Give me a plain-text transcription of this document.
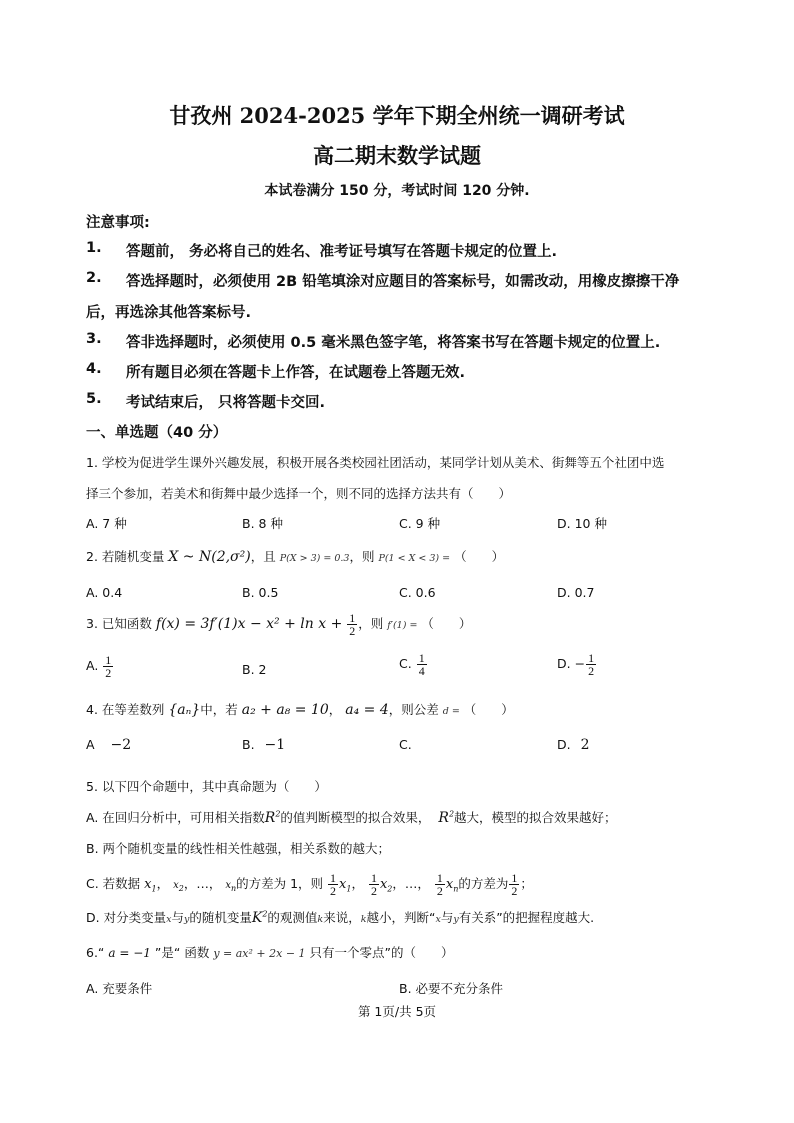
甘孜州 2024-2025 学年下期全州统一调研考试
高二期末数学试题
本试卷满分 150 分，考试时间 120 分钟.
注意事项:
1. 答题前， 务必将自己的姓名、准考证号填写在答题卡规定的位置上.
2. 答选择题时，必须使用 2B 铅笔填涂对应题目的答案标号，如需改动，用橡皮擦擦干净
后，再选涂其他答案标号.
3. 答非选择题时，必须使用 0.5 毫米黑色签字笔，将答案书写在答题卡规定的位置上.
4. 所有题目必须在答题卡上作答，在试题卷上答题无效.
5. 考试结束后， 只将答题卡交回.
一、单选题（40 分）
1. 学校为促进学生课外兴趣发展，积极开展各类校园社团活动，某同学计划从美术、街舞等五个社团中选
择三个参加，若美术和街舞中最少选择一个，则不同的选择方法共有（　　）
A. 7 种	B. 8 种	C. 9 种	D. 10 种
2. 若随机变量 X ~ N(2,σ²)，且 P(X > 3) = 0.3，则 P(1 < X < 3) = （　　）
A. 0.4	B. 0.5	C. 0.6	D. 0.7
3. 已知函数 $f(x) = 3f'(1)x - x^2 + \ln x + \frac{1}{2}$ ，则 f′(1) = （　　）
A. $\frac{1}{2}$	B. 2	C. $\frac{1}{4}$	D. − $\frac{1}{2}$
4. 在等差数列 {aₙ}中，若 a₂ + a₈ = 10， a₄ = 4，则公差 d = （　　）
A −2	B. −1	C.	D. 2
5. 以下四个命题中，其中真命题为（　　）
A. 在回归分析中，可用相关指数$R^2$的值判断模型的拟合效果， $R^2$越大，模型的拟合效果越好；
B. 两个随机变量的线性相关性越强，相关系数的越大；
C. 若数据 $x_1$， $x_2$，…， $x_n$的方差为 1，则 $\frac{1}{2} x_1$， $\frac{1}{2} x_2$，…， $\frac{1}{2} x_n$的方差为 $\frac{1}{2}$ ；
D. 对分类变量x与y的随机变量$K^2$的观测值k来说，k越小，判断“x与y有关系”的把握程度越大.
6.“ a = −1 ”是“ 函数 y = ax² + 2x − 1 只有一个零点”的（　　）
A. 充要条件	B. 必要不充分条件
第 1页/共 5页
